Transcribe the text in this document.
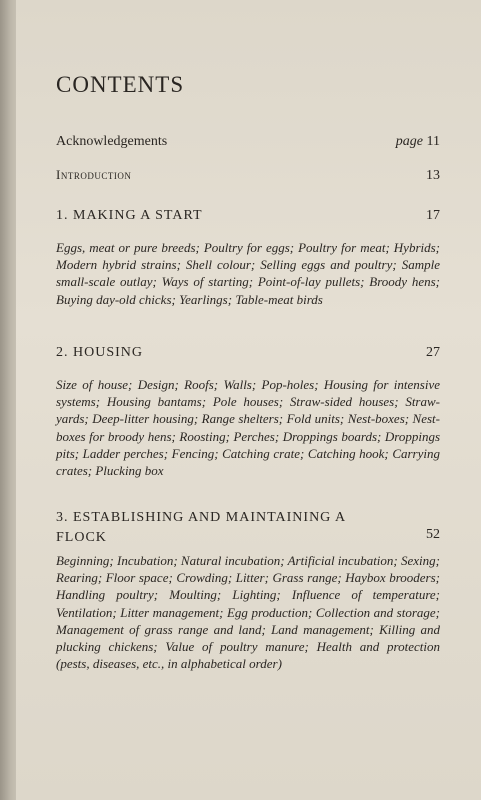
CONTENTS
Acknowledgements	page 11
Introduction	13
1. MAKING A START	17
Eggs, meat or pure breeds; Poultry for eggs; Poultry for meat; Hybrids; Modern hybrid strains; Shell colour; Selling eggs and poultry; Sample small-scale outlay; Ways of starting; Point-of-lay pullets; Broody hens; Buying day-old chicks; Yearlings; Table-meat birds
2. HOUSING	27
Size of house; Design; Roofs; Walls; Pop-holes; Housing for intensive systems; Housing bantams; Pole houses; Straw-sided houses; Straw-yards; Deep-litter housing; Range shelters; Fold units; Nest-boxes; Nest-boxes for broody hens; Roosting; Perches; Droppings boards; Droppings pits; Ladder perches; Fencing; Catching crate; Catching hook; Carrying crates; Plucking box
3. ESTABLISHING AND MAINTAINING A FLOCK	52
Beginning; Incubation; Natural incubation; Artificial incubation; Sexing; Rearing; Floor space; Crowding; Litter; Grass range; Haybox brooders; Handling poultry; Moulting; Lighting; Influence of temperature; Ventilation; Litter management; Egg production; Collection and storage; Management of grass range and land; Land management; Killing and plucking chickens; Value of poultry manure; Health and protection (pests, diseases, etc., in alphabetical order)
